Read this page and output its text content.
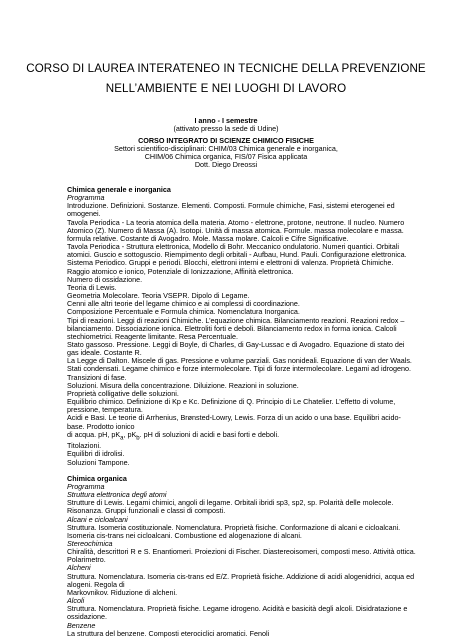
CORSO DI LAUREA INTERATENEO IN TECNICHE DELLA PREVENZIONE
NELL’AMBIENTE E NEI LUOGHI DI LAVORO
I anno - I semestre
(attivato presso la sede di Udine)
CORSO INTEGRATO DI SCIENZE CHIMICO FISICHE
Settori scientifico-disciplinari: CHIM/03 Chimica generale e inorganica,
CHIM/06 Chimica organica, FIS/07 Fisica applicata
Dott. Diego Dreossi
Chimica generale e inorganica
Programma
Introduzione. Definizioni. Sostanze. Elementi. Composti. Formule chimiche, Fasi, sistemi eterogenei ed omogenei.
Tavola Periodica - La teoria atomica della materia. Atomo - elettrone, protone, neutrone. Il nucleo. Numero Atomico (Z). Numero di Massa (A). Isotopi. Unità di massa atomica. Formule. massa molecolare e massa. formula relative. Costante di Avogadro. Mole. Massa molare. Calcoli e Cifre Significative.
Tavola Periodica - Struttura elettronica, Modello di Bohr. Meccanico ondulatorio. Numeri quantici. Orbitali atomici. Guscio e sottoguscio. Riempimento degli orbitali - Aufbau, Hund. Pauli. Configurazione elettronica.
Sistema Periodico. Gruppi e periodi. Blocchi, elettroni interni e elettroni di valenza. Proprietà Chimiche. Raggio atomico e ionico, Potenziale di Ionizzazione, Affinità elettronica.
Numero di ossidazione.
Teoria di Lewis.
Geometria Molecolare. Teoria VSEPR. Dipolo di Legame.
Cenni alle altri teorie del legame chimico e ai complessi di coordinazione.
Composizione Percentuale e Formula chimica. Nomenclatura Inorganica.
Tipi di reazioni. Leggi di reazioni Chimiche. L’equazione chimica. Bilanciamento reazioni. Reazioni redox – bilanciamento. Dissociazione ionica. Elettroliti forti e deboli. Bilanciamento redox in forma ionica. Calcoli stechiometrici. Reagente limitante. Resa Percentuale.
Stato gassoso. Pressione. Leggi di Boyle, di Charles, di Gay-Lussac e di Avogadro. Equazione di stato dei gas ideale. Costante R.
La Legge di Dalton. Miscele di gas. Pressione e volume parziali. Gas nonideali. Equazione di van der Waals.
Stati condensati. Legame chimico e forze intermolecolare. Tipi di forze intermolecolare. Legami ad idrogeno. Transizioni di fase.
Soluzioni. Misura della concentrazione. Diluizione. Reazioni in soluzione.
Proprietà colligative delle soluzioni.
Equilibrio chimico. Definizione di Kp e Kc. Definizione di Q. Principio di Le Chatelier. L’effetto di volume, pressione, temperatura.
Acidi e Basi. Le teorie di Arrhenius, Brønsted-Lowry, Lewis. Forza di un acido o una base. Equilibri acido-base. Prodotto ionico
di acqua. pH, $pK_a$, $pK_b$. pH di soluzioni di acidi e basi forti e deboli.
Titolazioni.
Equilibri di idrolisi.
Soluzioni Tampone.
Chimica organica
Programma
Struttura elettronica degli atomi
Strutture di Lewis. Legami chimici, angoli di legame. Orbitali ibridi sp3, sp2, sp. Polarità delle molecole. Risonanza. Gruppi funzionali e classi di composti.
Alcani e cicloalcani
Struttura. Isomeria costituzionale. Nomenclatura. Proprietà fisiche. Conformazione di alcani e cicloalcani. Isomeria cis-trans nei cicloalcani. Combustione ed alogenazione di alcani.
Stereochimica
Chiralità, descrittori R e S. Enantiomeri. Proiezioni di Fischer. Diastereoisomeri, composti meso. Attività ottica. Polarimetro.
Alcheni
Struttura. Nomenclatura. Isomeria cis-trans ed E/Z. Proprietà fisiche. Addizione di acidi alogenidrici, acqua ed alogeni. Regola di
Markovnikov. Riduzione di alcheni.
Alcoli
Struttura. Nomenclatura. Proprietà fisiche. Legame idrogeno. Acidità e basicità degli alcoli. Disidratazione e ossidazione.
Benzene
La struttura del benzene. Composti eterociclici aromatici. Fenoli
